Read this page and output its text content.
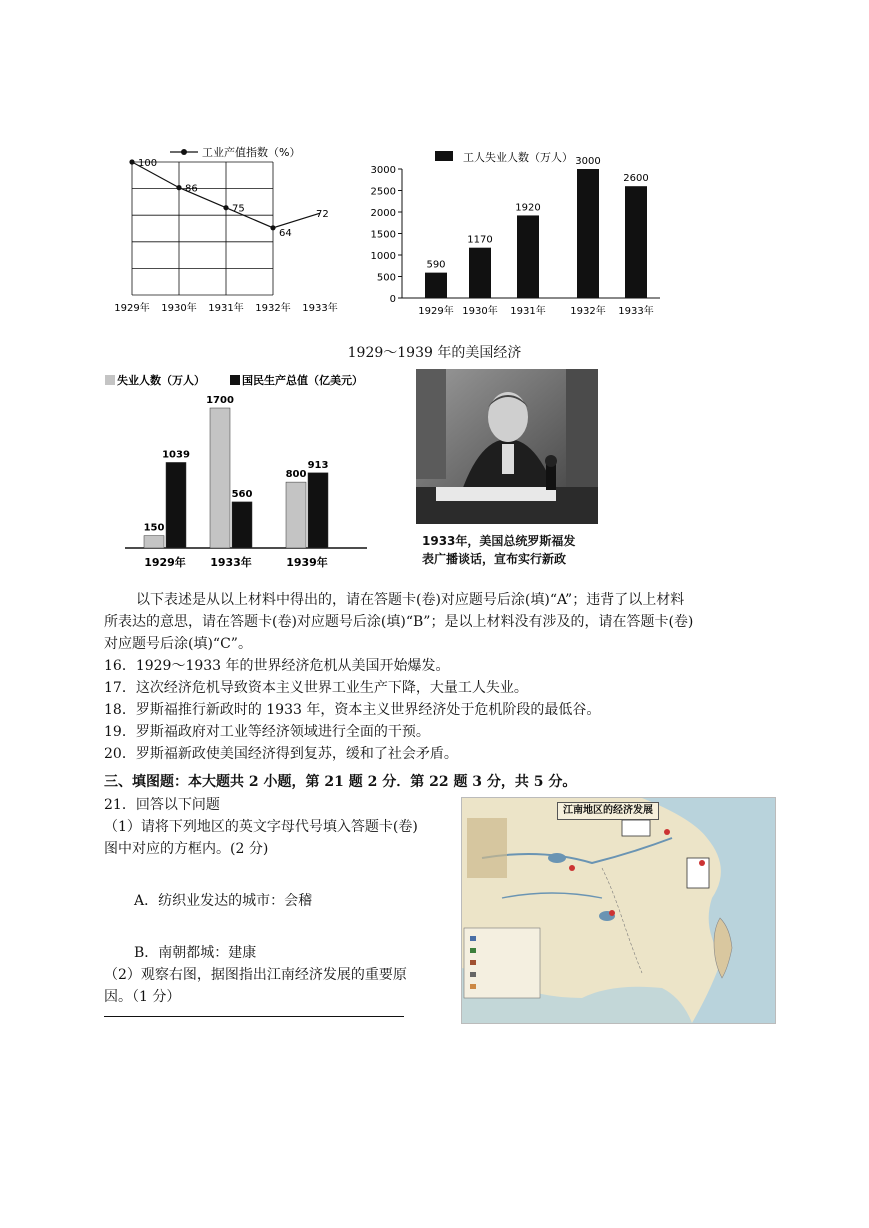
100
86
75
64
72
1929年 1930年 1931年 1932年 1933年
工业产值指数（%）	工人失业人数（万人）
0
500
1000
1500
2000
2500
3000
590
1929年
1170
1930年
1920
1931年
3000
1932年
2600
1933年
1929～1939 年的美国经济
失业人数（万人）	国民生产总值（亿美元）
150
1039
1929年
1700
560
1933年
800
913
1939年
1933年，美国总统罗斯福发
表广播谈话，宣布实行新政
以下表述是从以上材料中得出的，请在答题卡(卷)对应题号后涂(填)“A”；违背了以上材料
所表达的意思，请在答题卡(卷)对应题号后涂(填)“B”；是以上材料没有涉及的，请在答题卡(卷)
对应题号后涂(填)“C”。
16．1929～1933 年的世界经济危机从美国开始爆发。
17．这次经济危机导致资本主义世界工业生产下降，大量工人失业。
18．罗斯福推行新政时的 1933 年，资本主义世界经济处于危机阶段的最低谷。
19．罗斯福政府对工业等经济领域进行全面的干预。
20．罗斯福新政使美国经济得到复苏，缓和了社会矛盾。
三、填图题：本大题共 2 小题，第 21 题 2 分．第 22 题 3 分，共 5 分。
21．回答以下问题
（1）请将下列地区的英文字母代号填入答题卡(卷)
图中对应的方框内。(2 分)
A．纺织业发达的城市：会稽
B．南朝都城：建康
（2）观察右图，据图指出江南经济发展的重要原
因。（1 分）
江南地区的经济发展
